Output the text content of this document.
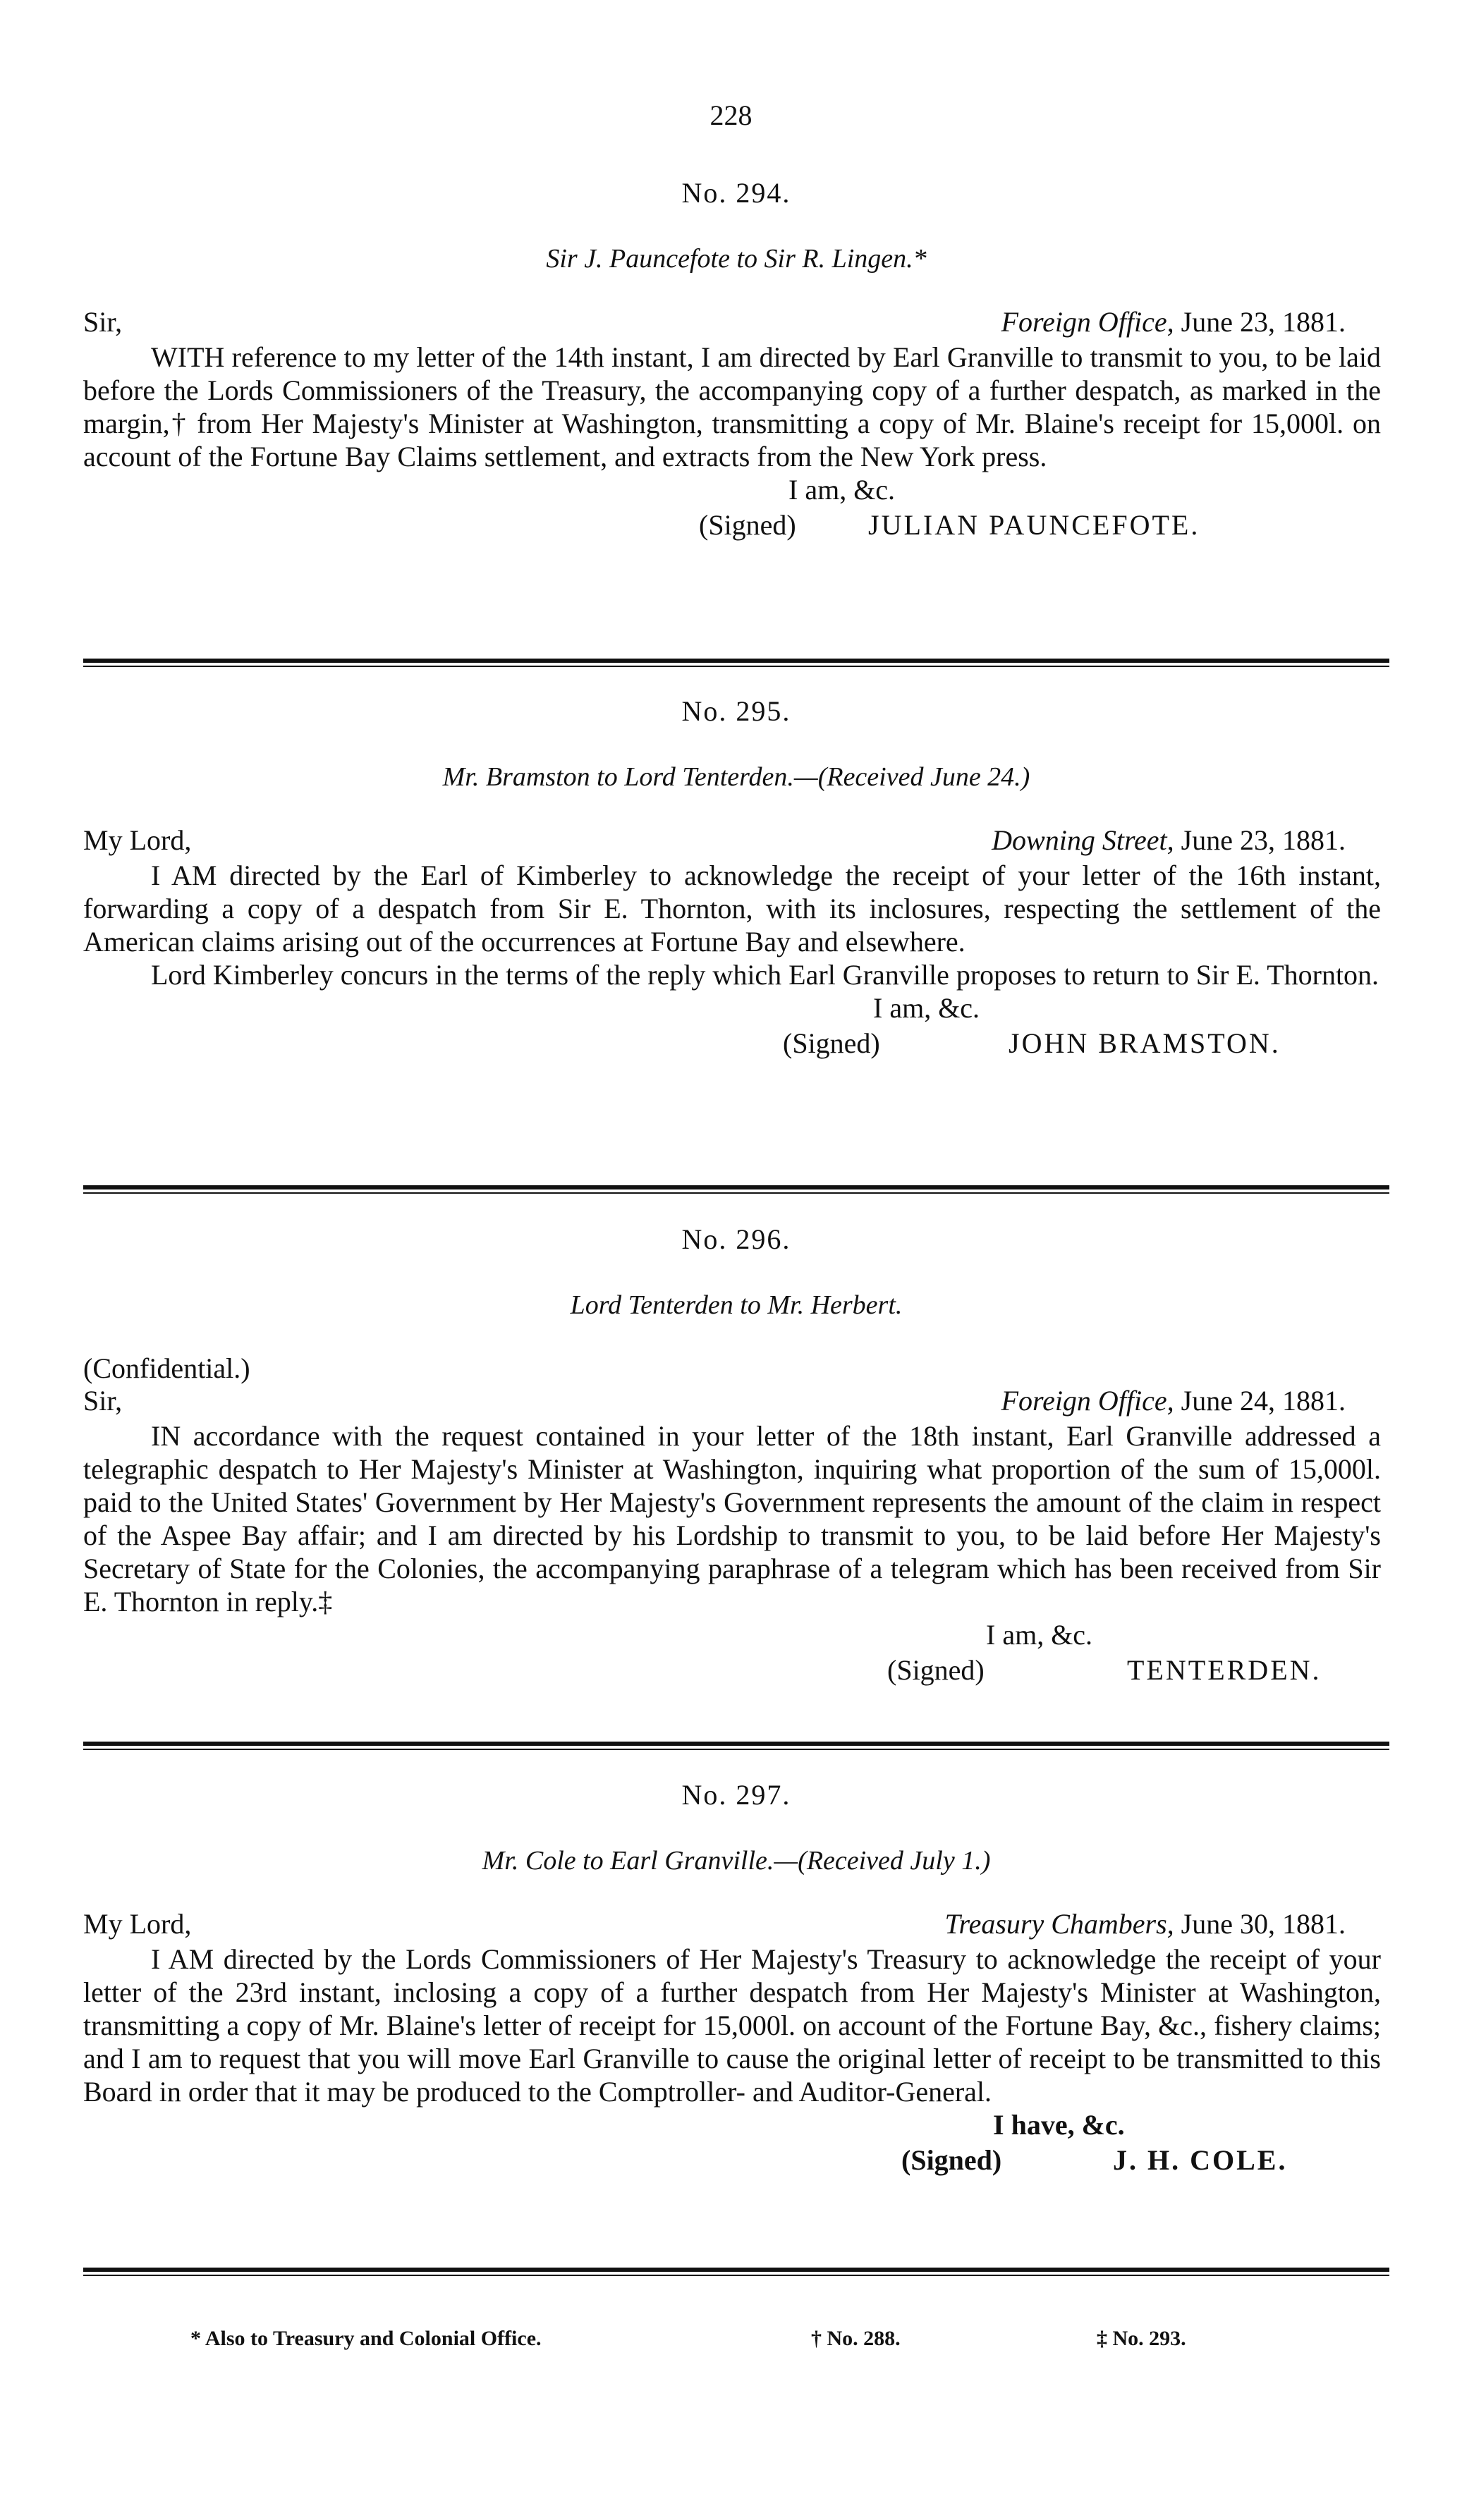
228
No. 294.
Sir J. Pauncefote to Sir R. Lingen.*
Sir,	Foreign Office, June 23, 1881.
WITH reference to my letter of the 14th instant, I am directed by Earl Granville to transmit to you, to be laid before the Lords Commissioners of the Treasury, the accompanying copy of a further despatch, as marked in the margin,† from Her Majesty's Minister at Washington, transmitting a copy of Mr. Blaine's receipt for 15,000l. on account of the Fortune Bay Claims settlement, and extracts from the New York press.
I am, &c.
(Signed)	JULIAN PAUNCEFOTE.
No. 295.
Mr. Bramston to Lord Tenterden.—(Received June 24.)
My Lord,	Downing Street, June 23, 1881.
I AM directed by the Earl of Kimberley to acknowledge the receipt of your letter of the 16th instant, forwarding a copy of a despatch from Sir E. Thornton, with its inclosures, respecting the settlement of the American claims arising out of the occurrences at Fortune Bay and elsewhere.
Lord Kimberley concurs in the terms of the reply which Earl Granville proposes to return to Sir E. Thornton.
I am, &c.
(Signed)	JOHN BRAMSTON.
No. 296.
Lord Tenterden to Mr. Herbert.
(Confidential.)
Sir,	Foreign Office, June 24, 1881.
IN accordance with the request contained in your letter of the 18th instant, Earl Granville addressed a telegraphic despatch to Her Majesty's Minister at Washington, inquiring what proportion of the sum of 15,000l. paid to the United States' Government by Her Majesty's Government represents the amount of the claim in respect of the Aspee Bay affair; and I am directed by his Lordship to transmit to you, to be laid before Her Majesty's Secretary of State for the Colonies, the accompanying paraphrase of a telegram which has been received from Sir E. Thornton in reply.‡
I am, &c.
(Signed)	TENTERDEN.
No. 297.
Mr. Cole to Earl Granville.—(Received July 1.)
My Lord,	Treasury Chambers, June 30, 1881.
I AM directed by the Lords Commissioners of Her Majesty's Treasury to acknowledge the receipt of your letter of the 23rd instant, inclosing a copy of a further despatch from Her Majesty's Minister at Washington, transmitting a copy of Mr. Blaine's letter of receipt for 15,000l. on account of the Fortune Bay, &c., fishery claims; and I am to request that you will move Earl Granville to cause the original letter of receipt to be transmitted to this Board in order that it may be produced to the Comptroller- and Auditor-General.
I have, &c.
(Signed)	J. H. COLE.
* Also to Treasury and Colonial Office.	† No. 288.	‡ No. 293.
